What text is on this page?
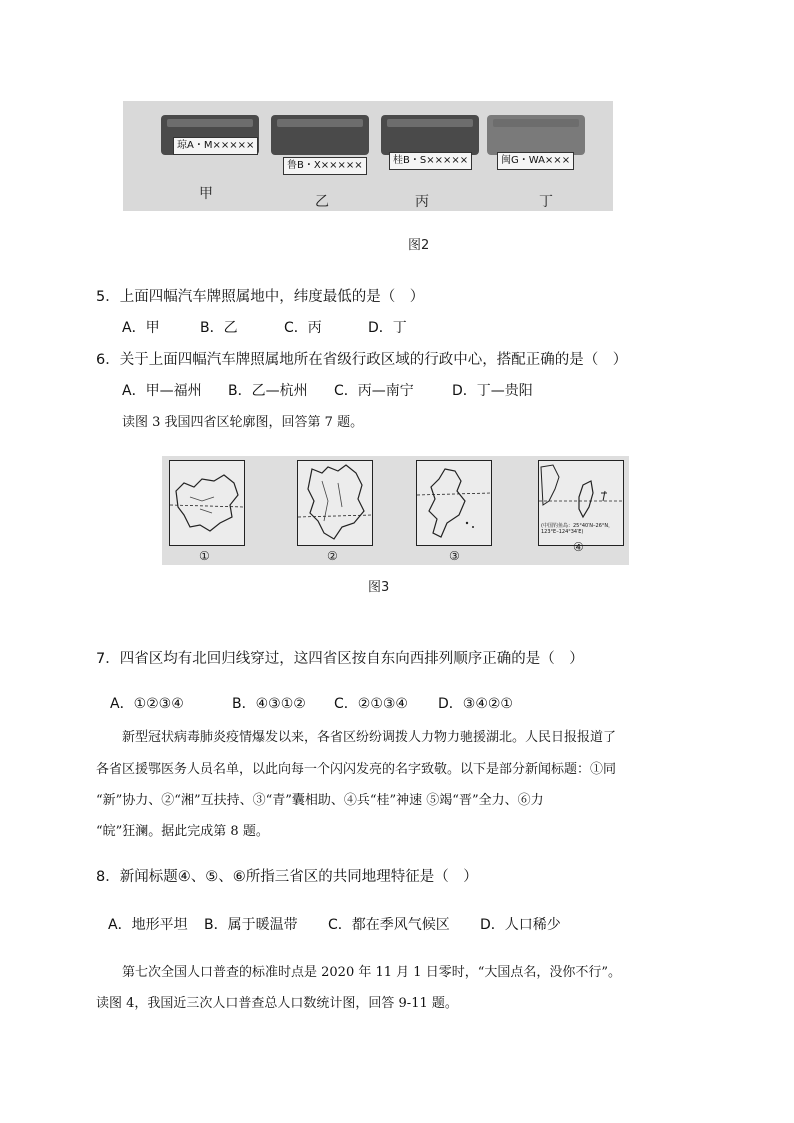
琼A・M×××××
鲁B・X×××××	桂B・S×××××	闽G・WA×××
甲	乙	丙	丁
图2
5．上面四幅汽车牌照属地中，纬度最低的是（　）
A．甲	B．乙	C．丙	D．丁
6．关于上面四幅汽车牌照属地所在省级行政区域的行政中心，搭配正确的是（　）
A．甲—福州 B．乙—杭州 C．丙—南宁	D．丁—贵阳
读图 3 我国四省区轮廓图，回答第 7 题。
(中国钓鱼岛：25°40′N–26°N，123°E–124°34′E)
①	②	③
④
图3
7．四省区均有北回归线穿过，这四省区按自东向西排列顺序正确的是（　）
A．①②③④	B．④③①② C．②①③④ D．③④②①
新型冠状病毒肺炎疫情爆发以来，各省区纷纷调拨人力物力驰援湖北。人民日报报道了
各省区援鄂医务人员名单，以此向每一个闪闪发亮的名字致敬。以下是部分新闻标题：①同
“新”协力、②“湘”互扶持、③“青”囊相助、④兵“桂”神速 ⑤竭“晋”全力、⑥力
“皖”狂澜。据此完成第 8 题。
8．新闻标题④、⑤、⑥所指三省区的共同地理特征是（　）
A．地形平坦 B．属于暖温带 C．都在季风气候区 D．人口稀少
第七次全国人口普查的标准时点是 2020 年 11 月 1 日零时，“大国点名，没你不行”。
读图 4，我国近三次人口普查总人口数统计图，回答 9-11 题。
